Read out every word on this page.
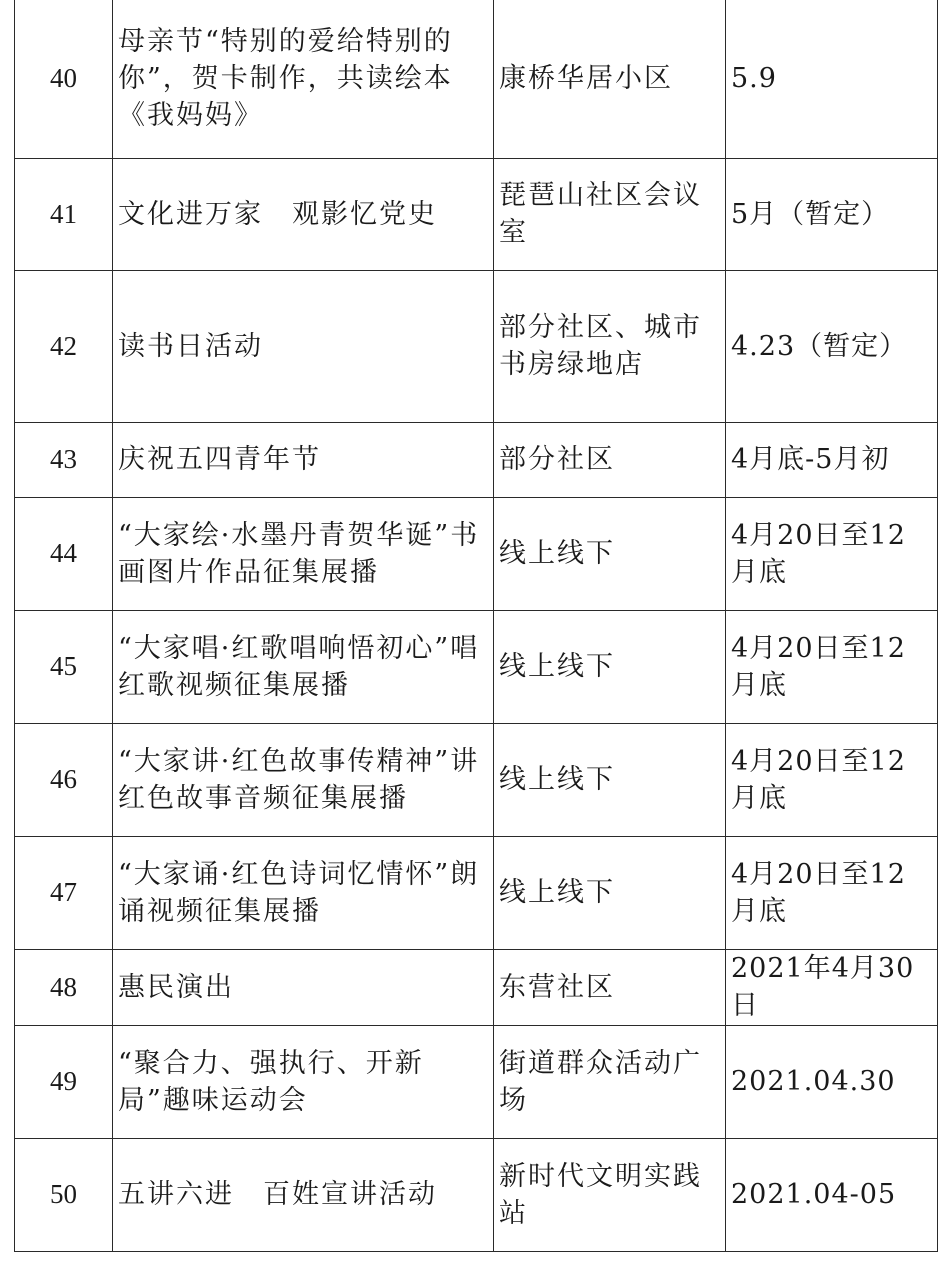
40	母亲节“特别的爱给特别的你”，贺卡制作，共读绘本《我妈妈》	康桥华居小区	5.9
41	文化进万家　观影忆党史	琵琶山社区会议室	5月（暂定）
42	读书日活动	部分社区、城市书房绿地店	4.23（暂定）
43	庆祝五四青年节	部分社区	4月底-5月初
44	“大家绘·水墨丹青贺华诞”书画图片作品征集展播	线上线下	4月20日至12月底
45	“大家唱·红歌唱响悟初心”唱红歌视频征集展播	线上线下	4月20日至12月底
46	“大家讲·红色故事传精神”讲红色故事音频征集展播	线上线下	4月20日至12月底
47	“大家诵·红色诗词忆情怀”朗诵视频征集展播	线上线下	4月20日至12月底
48	惠民演出	东营社区	2021年4月30日
49	“聚合力、强执行、开新局”趣味运动会	街道群众活动广场	2021.04.30
50	五讲六进　百姓宣讲活动	新时代文明实践站	2021.04-05
